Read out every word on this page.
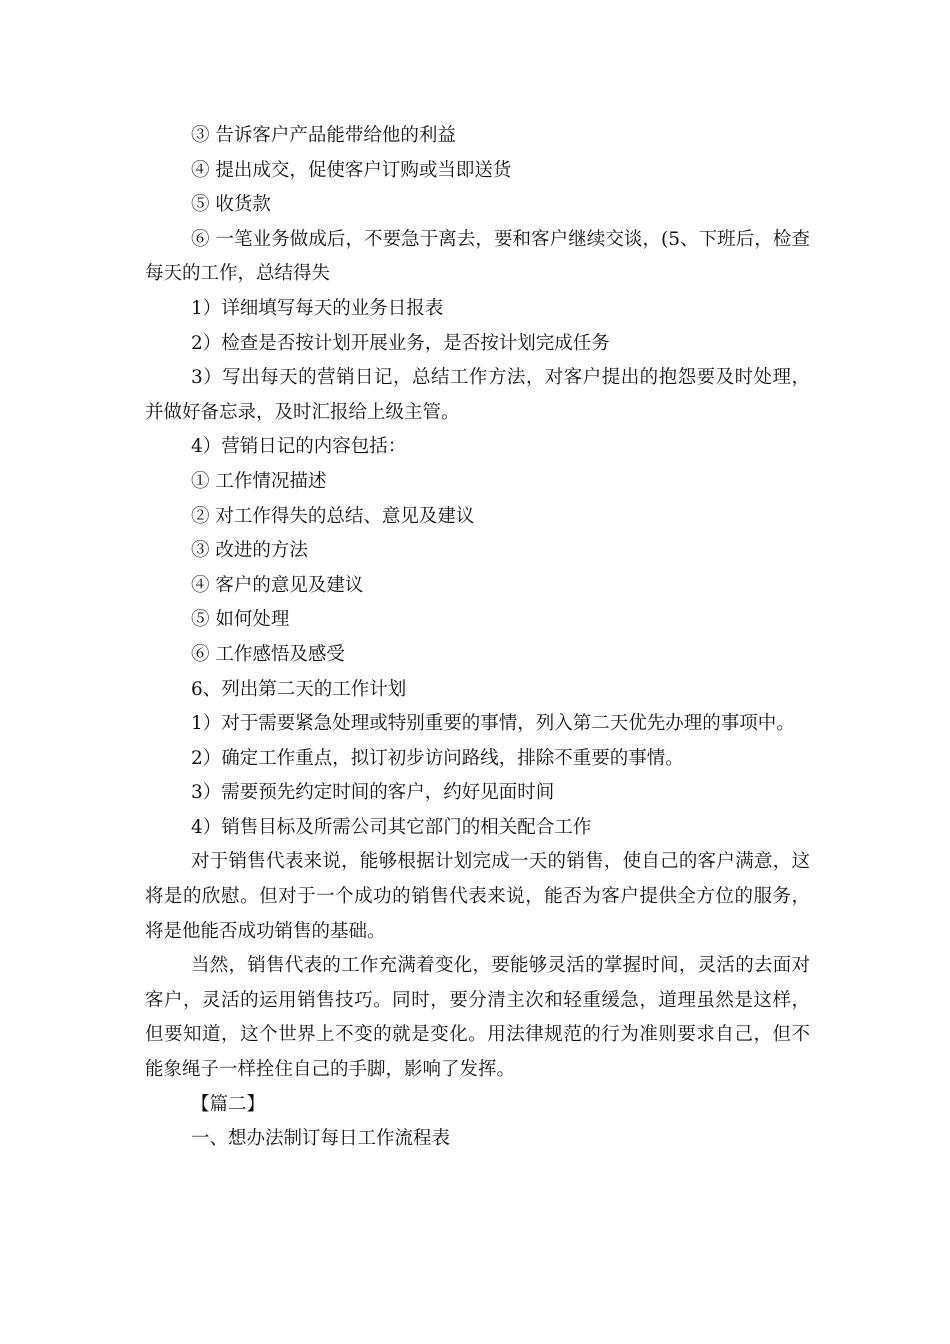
③ 告诉客户产品能带给他的利益

④ 提出成交，促使客户订购或当即送货

⑤ 收货款

⑥ 一笔业务做成后，不要急于离去，要和客户继续交谈，(5、下班后，检查每天的工作，总结得失

1）详细填写每天的业务日报表

2）检查是否按计划开展业务，是否按计划完成任务

3）写出每天的营销日记，总结工作方法，对客户提出的抱怨要及时处理，并做好备忘录，及时汇报给上级主管。

4）营销日记的内容包括：

① 工作情况描述

② 对工作得失的总结、意见及建议

③ 改进的方法

④ 客户的意见及建议

⑤ 如何处理

⑥ 工作感悟及感受

6、列出第二天的工作计划

1）对于需要紧急处理或特别重要的事情，列入第二天优先办理的事项中。

2）确定工作重点，拟订初步访问路线，排除不重要的事情。

3）需要预先约定时间的客户，约好见面时间

4）销售目标及所需公司其它部门的相关配合工作

对于销售代表来说，能够根据计划完成一天的销售，使自己的客户满意，这将是的欣慰。但对于一个成功的销售代表来说，能否为客户提供全方位的服务，将是他能否成功销售的基础。

当然，销售代表的工作充满着变化，要能够灵活的掌握时间，灵活的去面对客户，灵活的运用销售技巧。同时，要分清主次和轻重缓急，道理虽然是这样，但要知道，这个世界上不变的就是变化。用法律规范的行为准则要求自己，但不能象绳子一样拴住自己的手脚，影响了发挥。

【篇二】

一、想办法制订每日工作流程表
